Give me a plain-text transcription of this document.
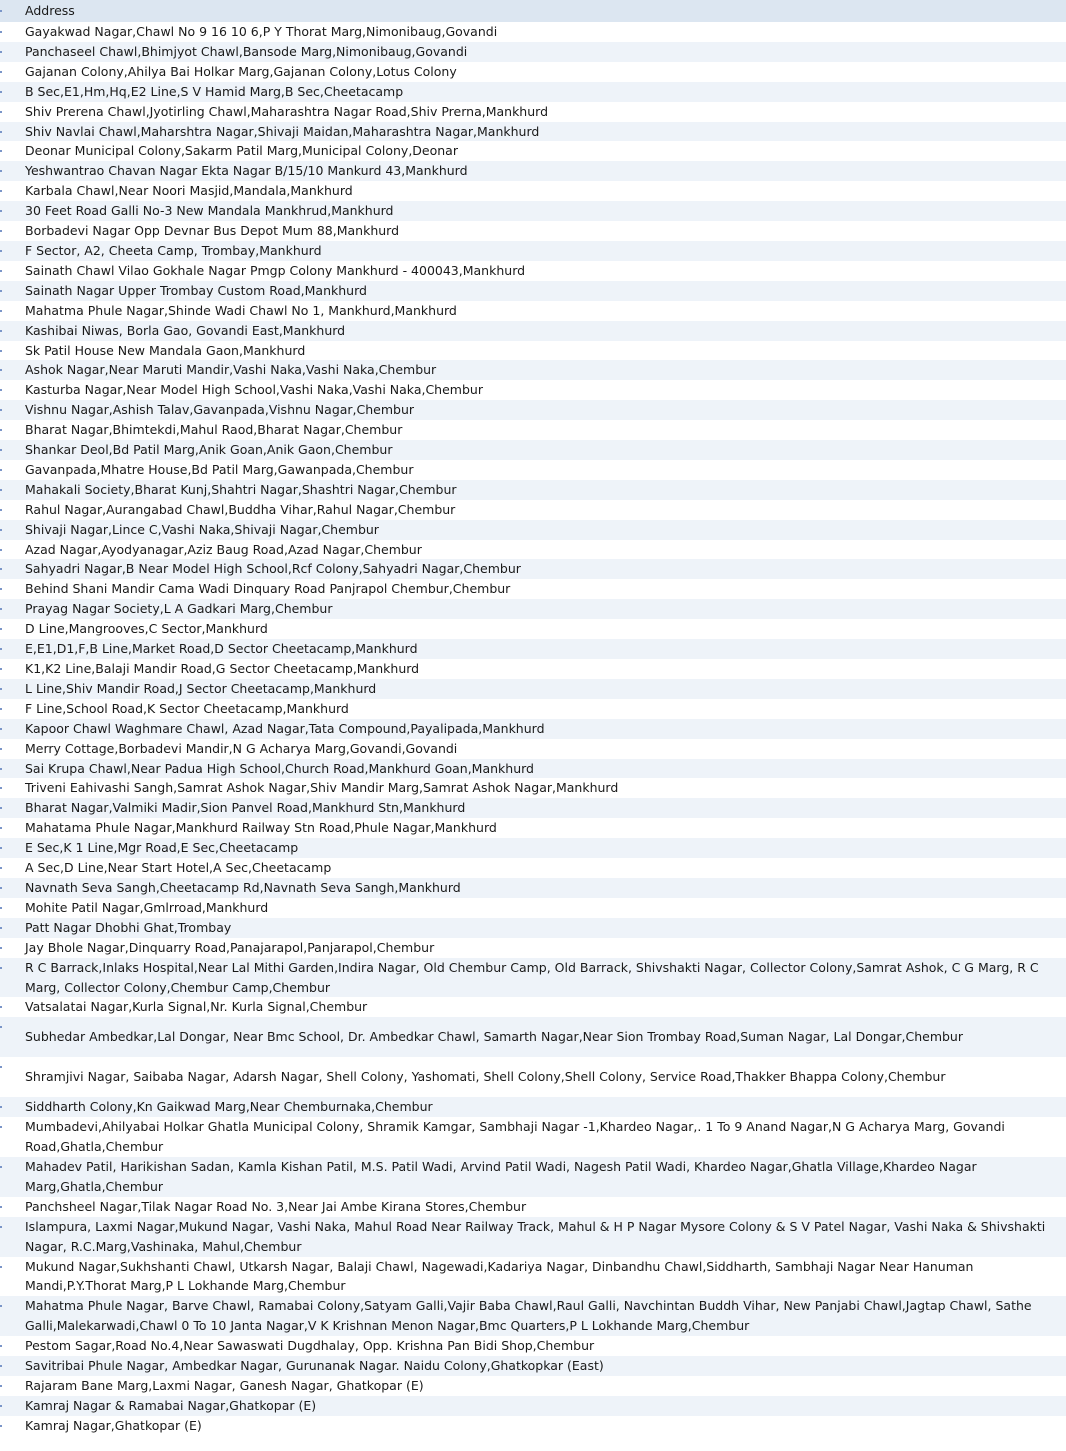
Address
Gayakwad Nagar,Chawl No 9 16 10 6,P Y Thorat Marg,Nimonibaug,Govandi
Panchaseel Chawl,Bhimjyot Chawl,Bansode Marg,Nimonibaug,Govandi
Gajanan Colony,Ahilya Bai Holkar Marg,Gajanan Colony,Lotus Colony
B Sec,E1,Hm,Hq,E2 Line,S V Hamid Marg,B Sec,Cheetacamp
Shiv Prerena Chawl,Jyotirling Chawl,Maharashtra Nagar Road,Shiv Prerna,Mankhurd
Shiv Navlai Chawl,Maharshtra Nagar,Shivaji Maidan,Maharashtra Nagar,Mankhurd
Deonar Municipal Colony,Sakarm Patil Marg,Municipal Colony,Deonar
Yeshwantrao Chavan Nagar Ekta Nagar B/15/10 Mankurd 43,Mankhurd
Karbala Chawl,Near Noori Masjid,Mandala,Mankhurd
30 Feet Road Galli No-3 New Mandala Mankhrud,Mankhurd
Borbadevi Nagar Opp Devnar Bus Depot Mum 88,Mankhurd
F Sector, A2, Cheeta Camp, Trombay,Mankhurd
Sainath Chawl Vilao Gokhale Nagar Pmgp Colony Mankhurd - 400043,Mankhurd
Sainath Nagar Upper Trombay Custom Road,Mankhurd
Mahatma Phule Nagar,Shinde Wadi Chawl No 1, Mankhurd,Mankhurd
Kashibai Niwas, Borla Gao, Govandi East,Mankhurd
Sk Patil House New Mandala Gaon,Mankhurd
Ashok Nagar,Near Maruti Mandir,Vashi Naka,Vashi Naka,Chembur
Kasturba Nagar,Near Model High School,Vashi Naka,Vashi Naka,Chembur
Vishnu Nagar,Ashish Talav,Gavanpada,Vishnu Nagar,Chembur
Bharat Nagar,Bhimtekdi,Mahul Raod,Bharat Nagar,Chembur
Shankar Deol,Bd Patil Marg,Anik Goan,Anik Gaon,Chembur
Gavanpada,Mhatre House,Bd Patil Marg,Gawanpada,Chembur
Mahakali Society,Bharat Kunj,Shahtri Nagar,Shashtri Nagar,Chembur
Rahul Nagar,Aurangabad Chawl,Buddha Vihar,Rahul Nagar,Chembur
Shivaji Nagar,Lince C,Vashi Naka,Shivaji Nagar,Chembur
Azad Nagar,Ayodyanagar,Aziz Baug Road,Azad Nagar,Chembur
Sahyadri Nagar,B Near Model High School,Rcf Colony,Sahyadri Nagar,Chembur
Behind Shani Mandir Cama Wadi Dinquary Road Panjrapol Chembur,Chembur
Prayag Nagar Society,L A Gadkari Marg,Chembur
D Line,Mangrooves,C Sector,Mankhurd
E,E1,D1,F,B Line,Market Road,D Sector Cheetacamp,Mankhurd
K1,K2 Line,Balaji Mandir Road,G Sector Cheetacamp,Mankhurd
L Line,Shiv Mandir Road,J Sector Cheetacamp,Mankhurd
F Line,School Road,K Sector Cheetacamp,Mankhurd
Kapoor Chawl Waghmare Chawl, Azad Nagar,Tata Compound,Payalipada,Mankhurd
Merry Cottage,Borbadevi Mandir,N G Acharya Marg,Govandi,Govandi
Sai Krupa Chawl,Near Padua High School,Church Road,Mankhurd Goan,Mankhurd
Triveni Eahivashi Sangh,Samrat Ashok Nagar,Shiv Mandir Marg,Samrat Ashok Nagar,Mankhurd
Bharat Nagar,Valmiki Madir,Sion Panvel Road,Mankhurd Stn,Mankhurd
Mahatama Phule Nagar,Mankhurd Railway Stn Road,Phule Nagar,Mankhurd
E Sec,K 1 Line,Mgr Road,E Sec,Cheetacamp
A Sec,D Line,Near Start Hotel,A Sec,Cheetacamp
Navnath Seva Sangh,Cheetacamp Rd,Navnath Seva Sangh,Mankhurd
Mohite Patil Nagar,Gmlrroad,Mankhurd
Patt Nagar Dhobhi Ghat,Trombay
Jay Bhole Nagar,Dinquarry Road,Panajarapol,Panjarapol,Chembur
R C Barrack,Inlaks Hospital,Near Lal Mithi Garden,Indira Nagar, Old Chembur Camp, Old Barrack, Shivshakti Nagar, Collector Colony,Samrat Ashok, C G Marg, R C Marg, Collector Colony,Chembur Camp,Chembur
Vatsalatai Nagar,Kurla Signal,Nr. Kurla Signal,Chembur
Subhedar Ambedkar,Lal Dongar, Near Bmc School, Dr. Ambedkar Chawl, Samarth Nagar,Near Sion Trombay Road,Suman Nagar, Lal Dongar,Chembur
Shramjivi Nagar, Saibaba Nagar, Adarsh Nagar, Shell Colony, Yashomati, Shell Colony,Shell Colony, Service Road,Thakker Bhappa Colony,Chembur
Siddharth Colony,Kn Gaikwad Marg,Near Chemburnaka,Chembur
Mumbadevi,Ahilyabai Holkar Ghatla Municipal Colony, Shramik Kamgar, Sambhaji Nagar -1,Khardeo Nagar,. 1 To 9 Anand Nagar,N G Acharya Marg, Govandi Road,Ghatla,Chembur
Mahadev Patil, Harikishan Sadan, Kamla Kishan Patil, M.S. Patil Wadi, Arvind Patil Wadi, Nagesh Patil Wadi, Khardeo Nagar,Ghatla Village,Khardeo Nagar Marg,Ghatla,Chembur
Panchsheel Nagar,Tilak Nagar Road No. 3,Near Jai Ambe Kirana Stores,Chembur
Islampura, Laxmi Nagar,Mukund Nagar, Vashi Naka, Mahul Road Near Railway Track, Mahul & H P Nagar Mysore Colony & S V Patel Nagar, Vashi Naka & Shivshakti Nagar, R.C.Marg,Vashinaka, Mahul,Chembur
Mukund Nagar,Sukhshanti Chawl, Utkarsh Nagar, Balaji Chawl, Nagewadi,Kadariya Nagar, Dinbandhu Chawl,Siddharth, Sambhaji Nagar Near Hanuman Mandi,P.Y.Thorat Marg,P L Lokhande Marg,Chembur
Mahatma Phule Nagar, Barve Chawl, Ramabai Colony,Satyam Galli,Vajir Baba Chawl,Raul Galli, Navchintan Buddh Vihar, New Panjabi Chawl,Jagtap Chawl, Sathe Galli,Malekarwadi,Chawl 0 To 10 Janta Nagar,V K Krishnan Menon Nagar,Bmc Quarters,P L Lokhande Marg,Chembur
Pestom Sagar,Road No.4,Near Sawaswati Dugdhalay, Opp. Krishna Pan Bidi Shop,Chembur
Savitribai Phule Nagar, Ambedkar Nagar, Gurunanak Nagar. Naidu Colony,Ghatkopkar (East)
Rajaram Bane Marg,Laxmi Nagar, Ganesh Nagar, Ghatkopar (E)
Kamraj Nagar & Ramabai Nagar,Ghatkopar (E)
Kamraj Nagar,Ghatkopar (E)
